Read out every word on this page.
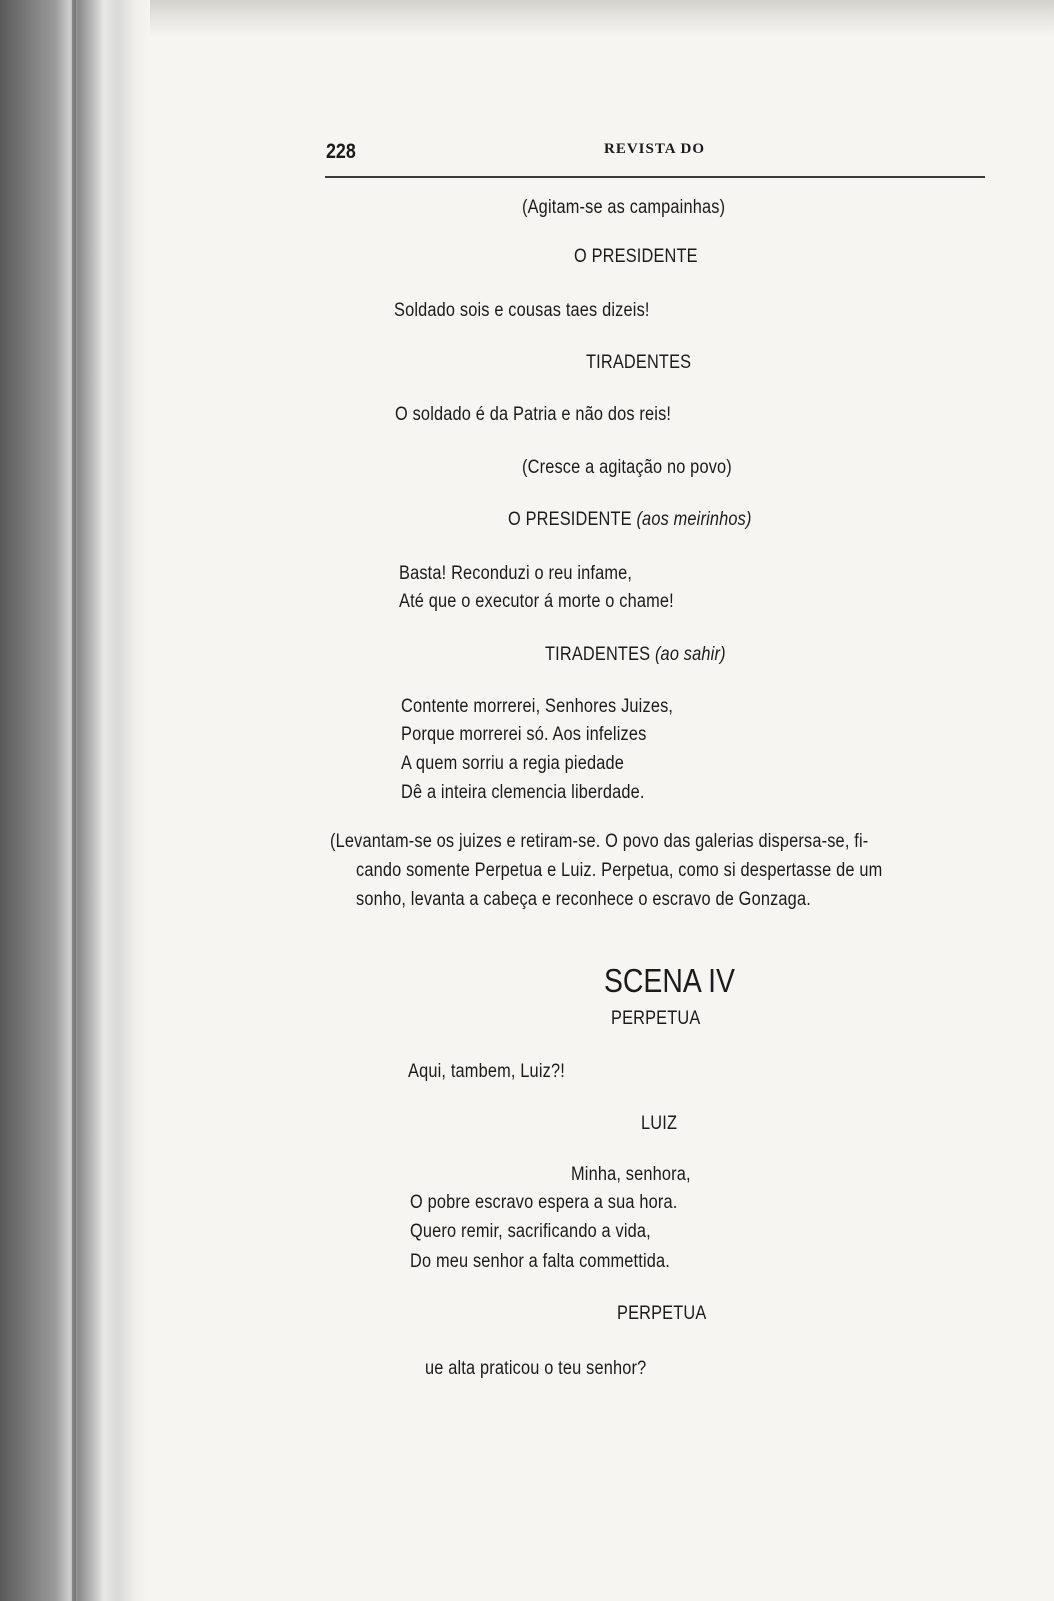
228	REVISTA DO
(Agitam-se as campainhas)
O PRESIDENTE
Soldado sois e cousas taes dizeis!
TIRADENTES
O soldado é da Patria e não dos reis!
(Cresce a agitação no povo)
O PRESIDENTE (aos meirinhos)
Basta! Reconduzi o reu infame,
Até que o executor á morte o chame!
TIRADENTES (ao sahir)
Contente morrerei, Senhores Juizes,
Porque morrerei só. Aos infelizes
A quem sorriu a regia piedade
Dê a inteira clemencia liberdade.
(Levantam-se os juizes e retiram-se. O povo das galerias dispersa-se, fi-
cando somente Perpetua e Luiz. Perpetua, como si despertasse de um
sonho, levanta a cabeça e reconhece o escravo de Gonzaga.
SCENA IV
PERPETUA
Aqui, tambem, Luiz?!
LUIZ
Minha, senhora,
O pobre escravo espera a sua hora.
Quero remir, sacrificando a vida,
Do meu senhor a falta commettida.
PERPETUA
ue alta praticou o teu senhor?
